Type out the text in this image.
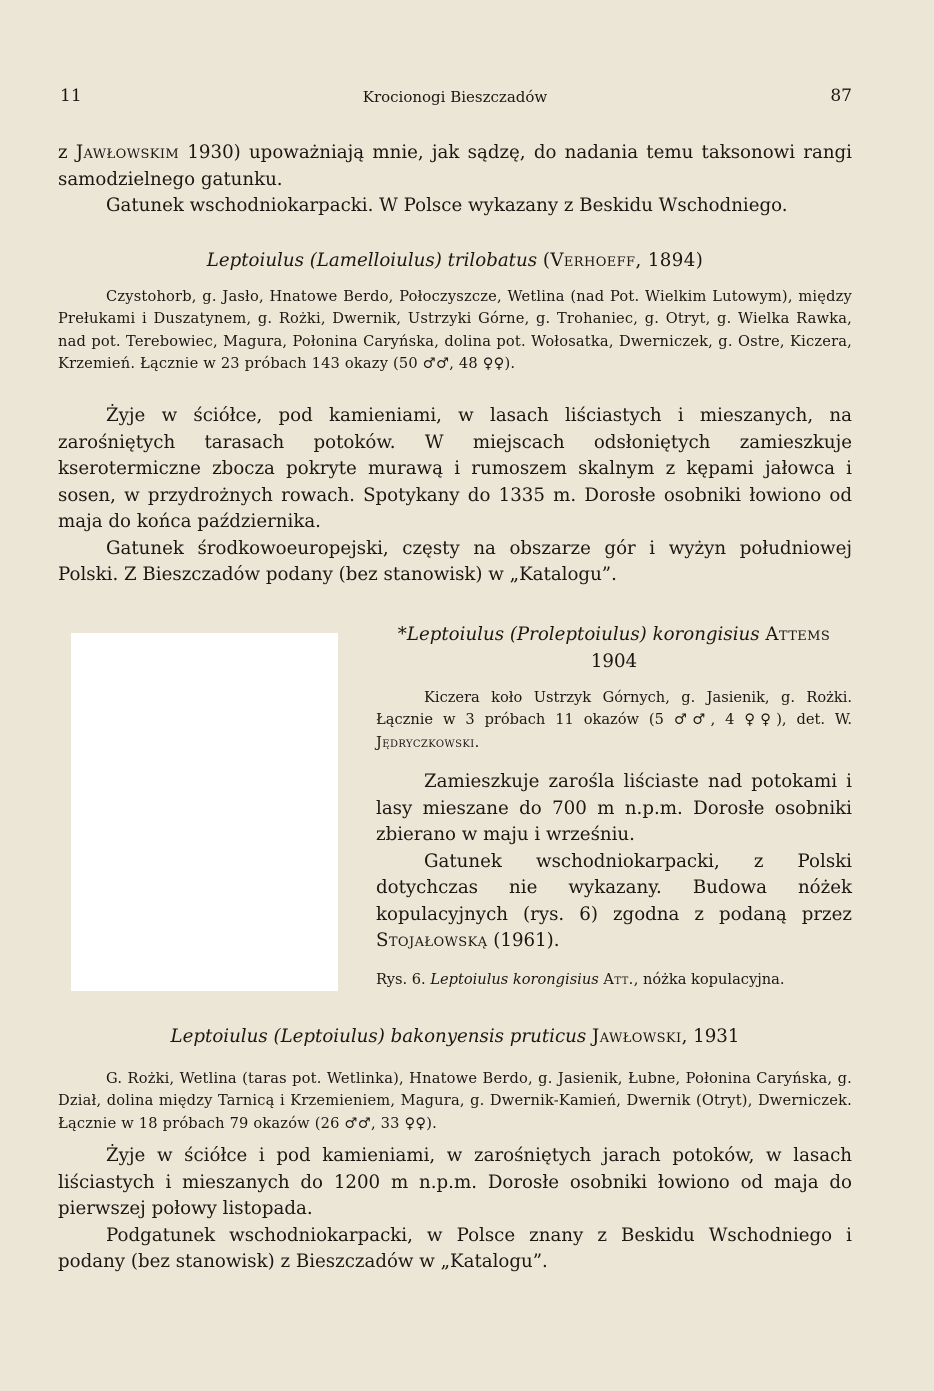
11	Krocionogi Bieszczadów	87

z Jawłowskim 1930) upoważniają mnie, jak sądzę, do nadania temu taksonowi rangi samodzielnego gatunku.

Gatunek wschodniokarpacki. W Polsce wykazany z Beskidu Wschodniego.

Leptoiulus (Lamelloiulus) trilobatus (Verhoeff, 1894)

Czystohorb, g. Jasło, Hnatowe Berdo, Połoczyszcze, Wetlina (nad Pot. Wielkim Lutowym), między Prełukami i Duszatynem, g. Rożki, Dwernik, Ustrzyki Górne, g. Trohaniec, g. Otryt, g. Wielka Rawka, nad pot. Terebowiec, Magura, Połonina Caryńska, dolina pot. Wołosatka, Dwerniczek, g. Ostre, Kiczera, Krzemień. Łącznie w 23 próbach 143 okazy (50 ♂♂, 48 ♀♀).

Żyje w ściółce, pod kamieniami, w lasach liściastych i mieszanych, na zarośniętych tarasach potoków. W miejscach odsłoniętych zamieszkuje kserotermiczne zbocza pokryte murawą i rumoszem skalnym z kępami jałowca i sosen, w przydrożnych rowach. Spotykany do 1335 m. Dorosłe osobniki łowiono od maja do końca października.

Gatunek środkowoeuropejski, częsty na obszarze gór i wyżyn południowej Polski. Z Bieszczadów podany (bez stanowisk) w „Katalogu”.

*Leptoiulus (Proleptoiulus) korongisius Attems
1904

Kiczera koło Ustrzyk Górnych, g. Jasienik, g. Rożki. Łącznie w 3 próbach 11 okazów (5 ♂♂, 4 ♀♀), det. W. Jędryczkowski.

Zamieszkuje zarośla liściaste nad potokami i lasy mieszane do 700 m n.p.m. Dorosłe osobniki zbierano w maju i wrześniu.

Gatunek wschodniokarpacki, z Polski dotychczas nie wykazany. Budowa nóżek kopulacyjnych (rys. 6) zgodna z podaną przez Stojałowską (1961).

Rys. 6. Leptoiulus korongisius Att., nóżka kopulacyjna.

Leptoiulus (Leptoiulus) bakonyensis pruticus Jawłowski, 1931

G. Rożki, Wetlina (taras pot. Wetlinka), Hnatowe Berdo, g. Jasienik, Łubne, Połonina Caryńska, g. Dział, dolina między Tarnicą i Krzemieniem, Magura, g. Dwernik-Kamień, Dwernik (Otryt), Dwerniczek. Łącznie w 18 próbach 79 okazów (26 ♂♂, 33 ♀♀).

Żyje w ściółce i pod kamieniami, w zarośniętych jarach potoków, w lasach liściastych i mieszanych do 1200 m n.p.m. Dorosłe osobniki łowiono od maja do pierwszej połowy listopada.

Podgatunek wschodniokarpacki, w Polsce znany z Beskidu Wschodniego i podany (bez stanowisk) z Bieszczadów w „Katalogu”.
